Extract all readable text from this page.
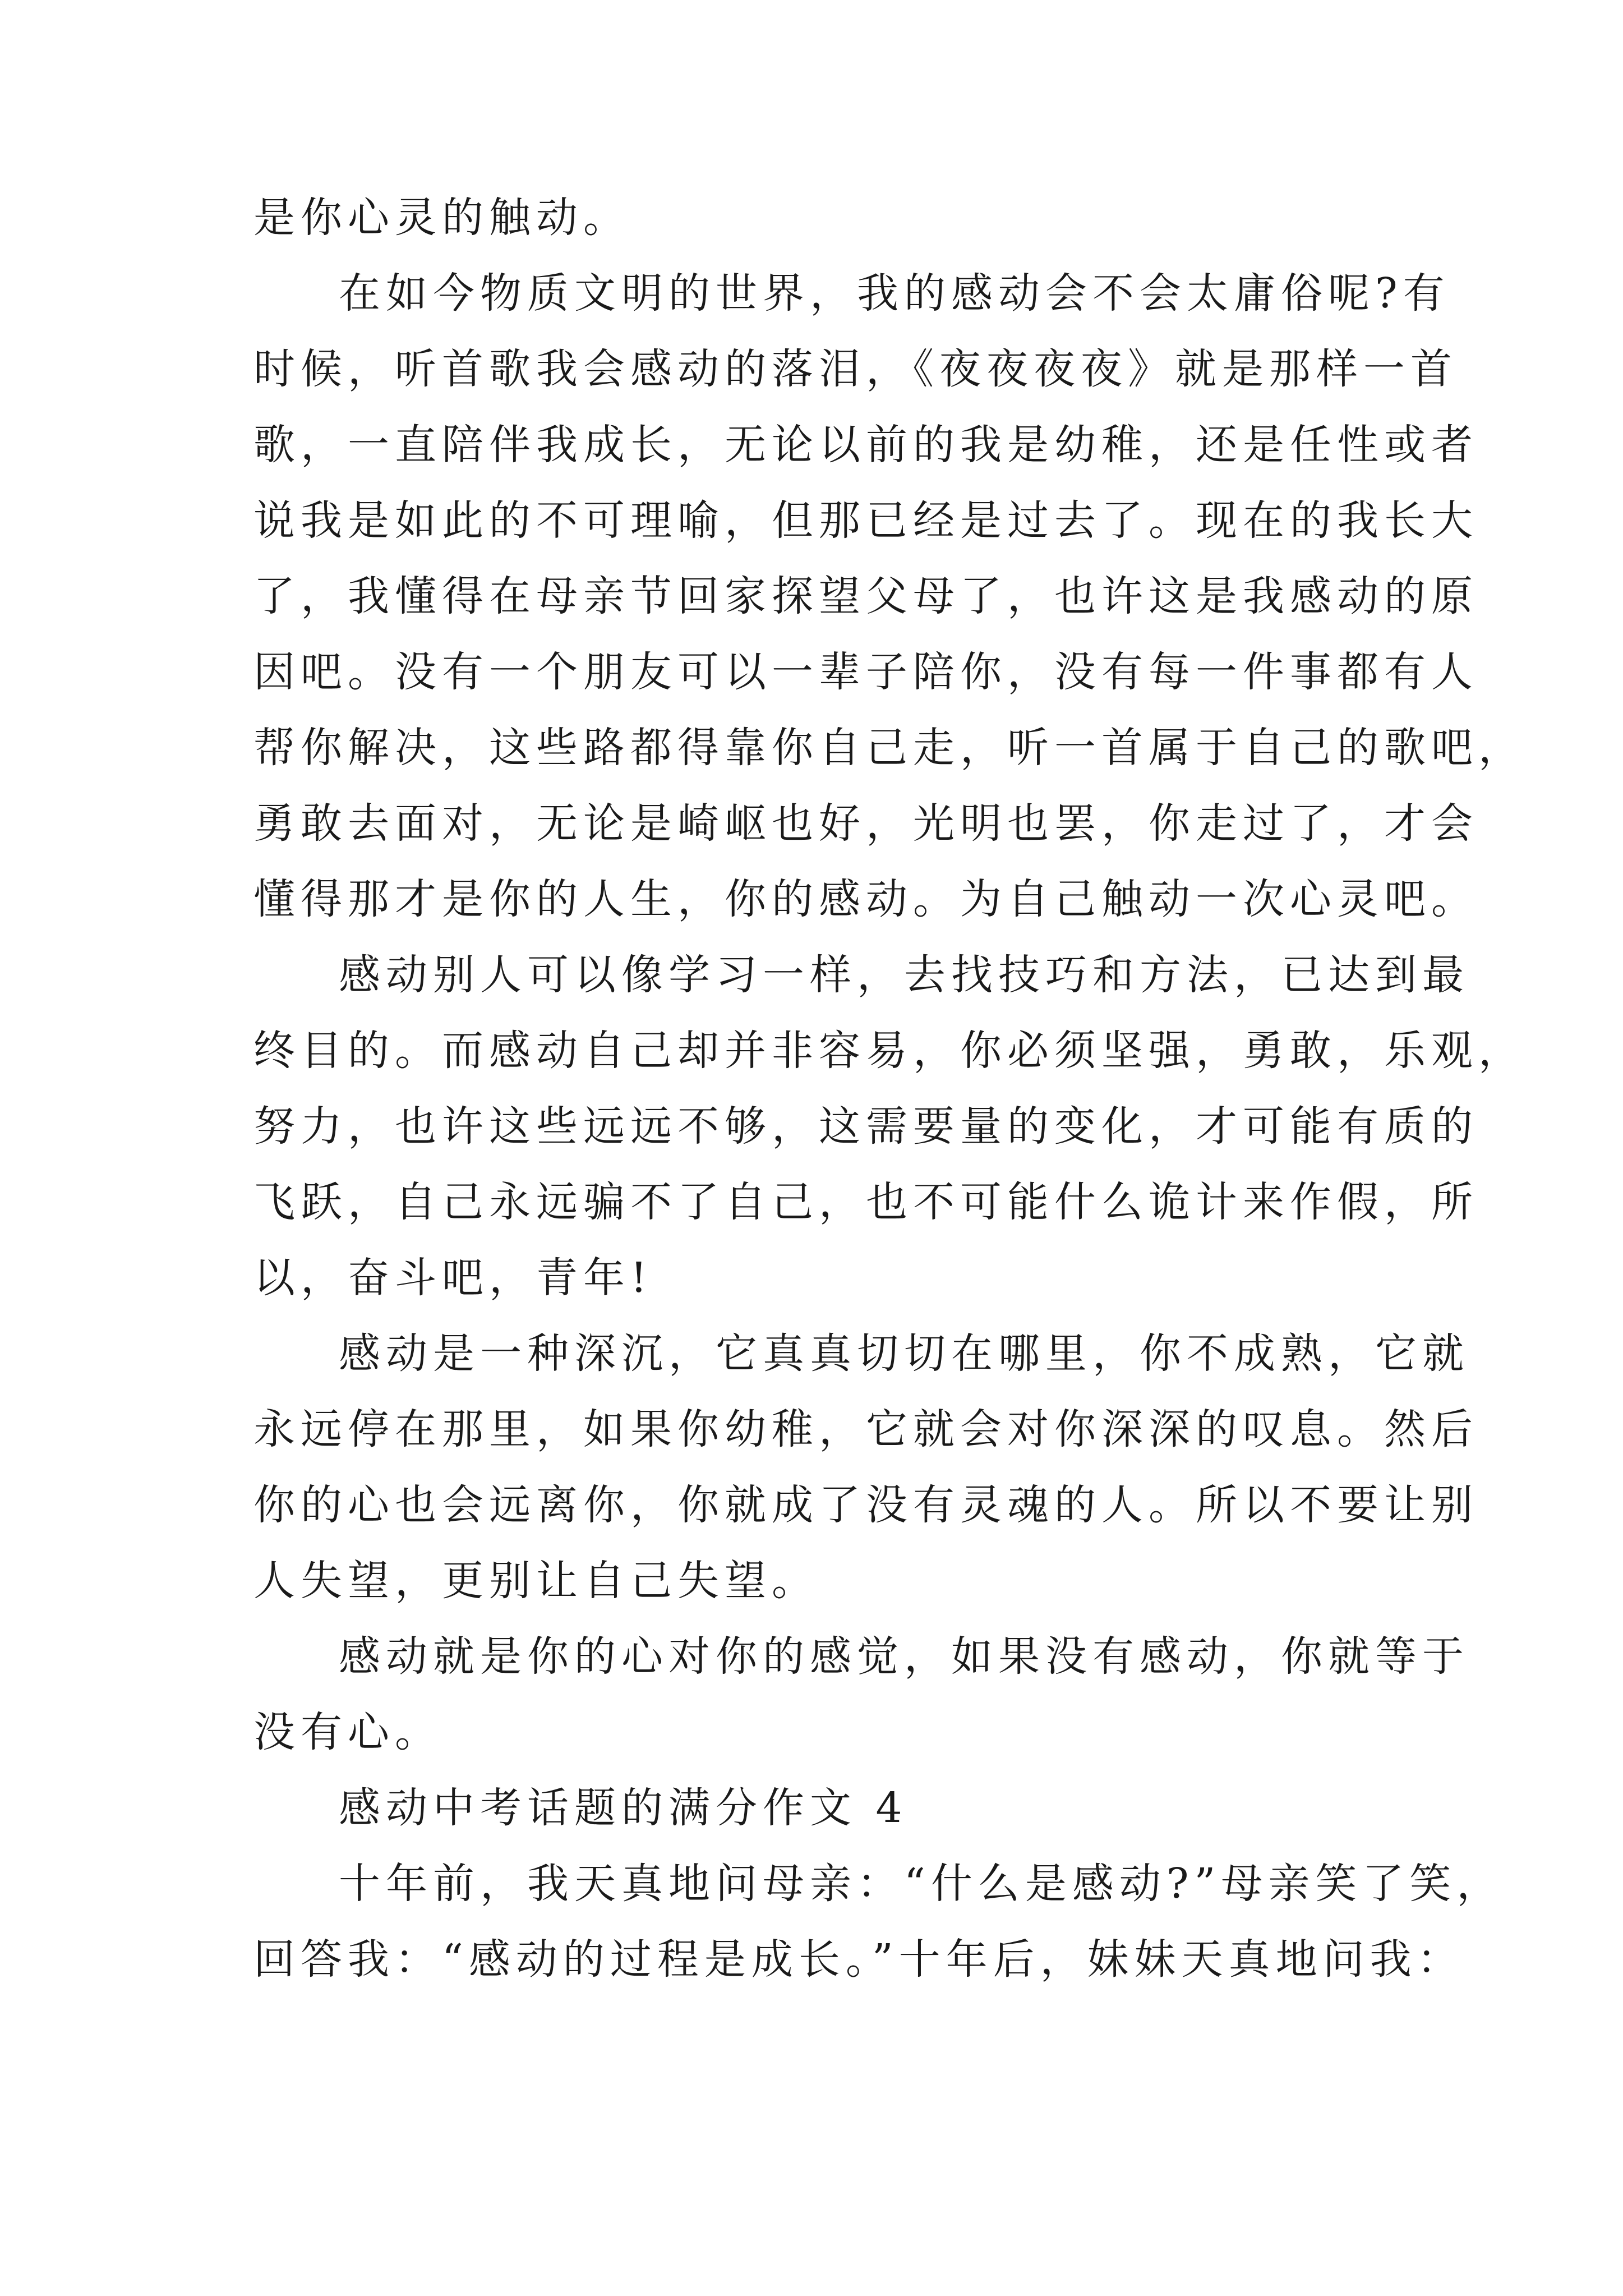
是你心灵的触动。
在如今物质文明的世界，我的感动会不会太庸俗呢?有
时候，听首歌我会感动的落泪，《夜夜夜夜》就是那样一首
歌，一直陪伴我成长，无论以前的我是幼稚，还是任性或者
说我是如此的不可理喻，但那已经是过去了。现在的我长大
了，我懂得在母亲节回家探望父母了，也许这是我感动的原
因吧。没有一个朋友可以一辈子陪你，没有每一件事都有人
帮你解决，这些路都得靠你自己走，听一首属于自己的歌吧，
勇敢去面对，无论是崎岖也好，光明也罢，你走过了，才会
懂得那才是你的人生，你的感动。为自己触动一次心灵吧。
感动别人可以像学习一样，去找技巧和方法，已达到最
终目的。而感动自己却并非容易，你必须坚强，勇敢，乐观，
努力，也许这些远远不够，这需要量的变化，才可能有质的
飞跃，自己永远骗不了自己，也不可能什么诡计来作假，所
以，奋斗吧，青年!
感动是一种深沉，它真真切切在哪里，你不成熟，它就
永远停在那里，如果你幼稚，它就会对你深深的叹息。然后
你的心也会远离你，你就成了没有灵魂的人。所以不要让别
人失望，更别让自己失望。
感动就是你的心对你的感觉，如果没有感动，你就等于
没有心。
感动中考话题的满分作文 4
十年前，我天真地问母亲：“什么是感动?”母亲笑了笑，
回答我：“感动的过程是成长。”十年后，妹妹天真地问我：
